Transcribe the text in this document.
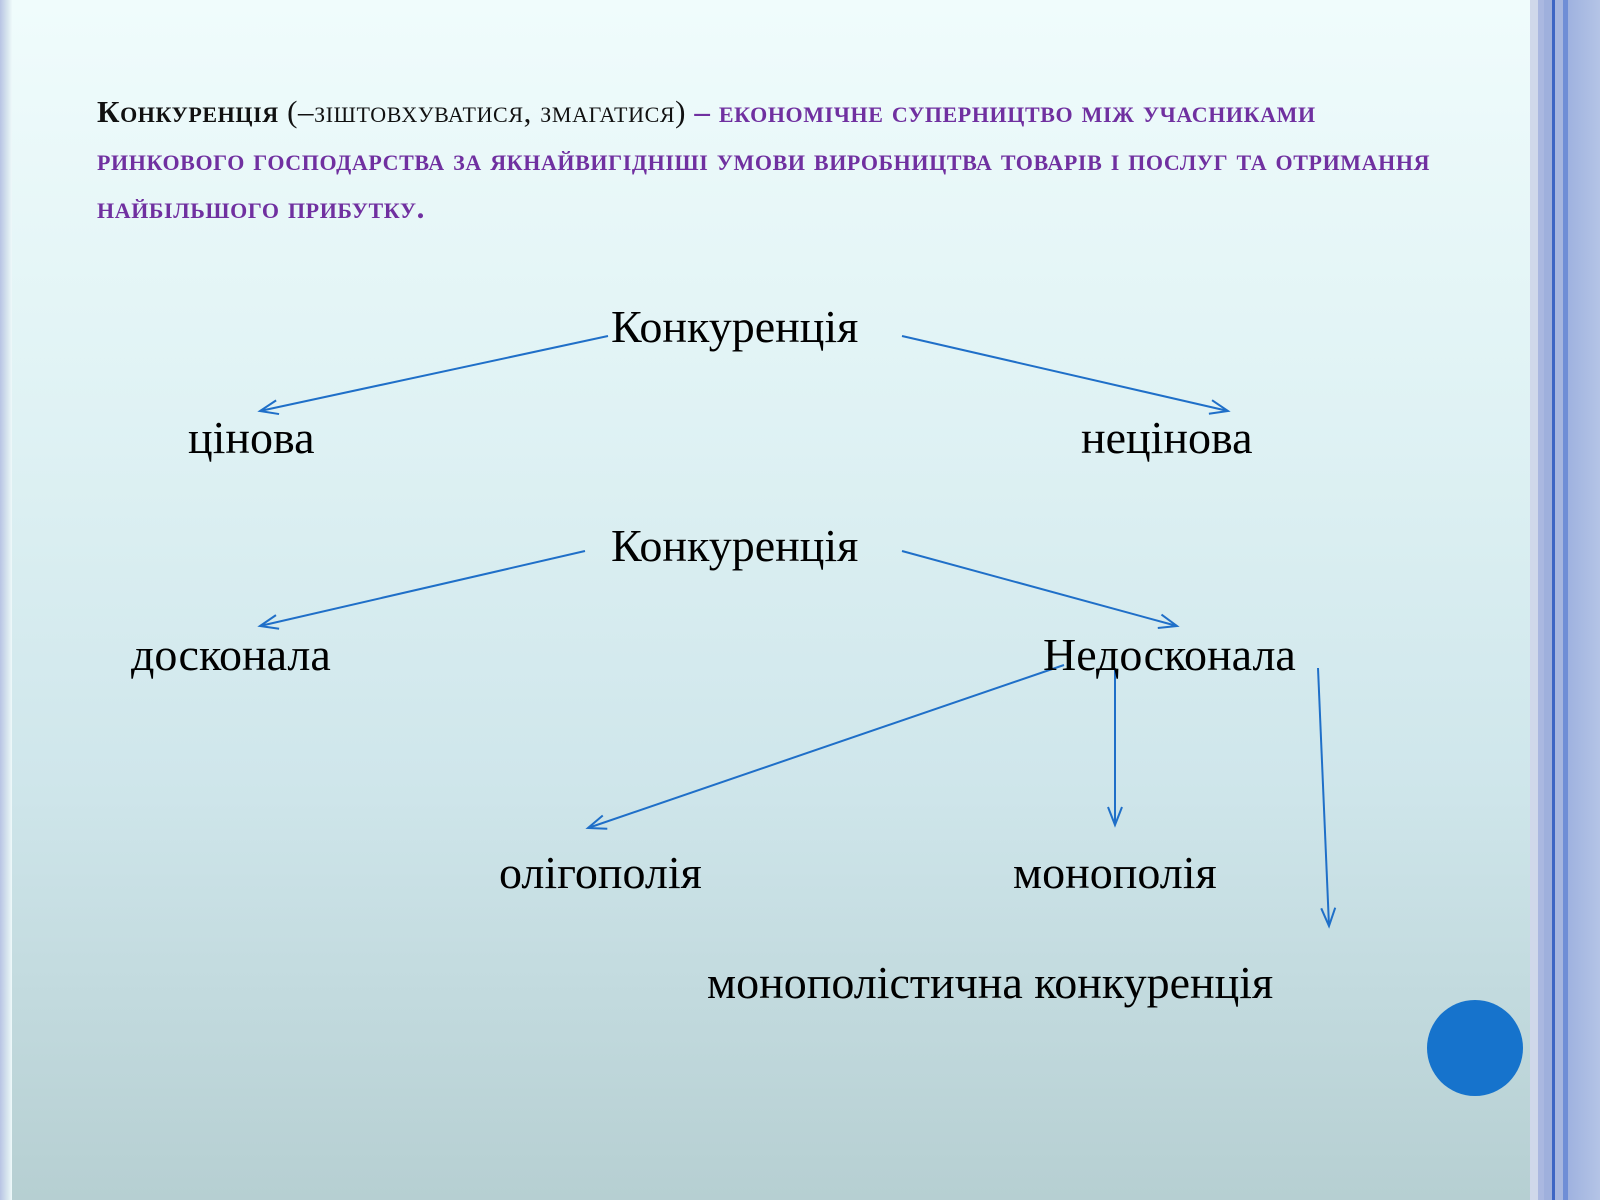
Конкуренція (–зіштовхуватися, змагатися) – економічне суперництво між учасниками ринкового господарства за якнайвигідніші умови виробництва товарів і послуг та отримання найбільшого прибутку.
Конкуренція
цінова	нецінова
Конкуренція
досконала	Недосконала
олігополія	монополія
монополістична конкуренція
